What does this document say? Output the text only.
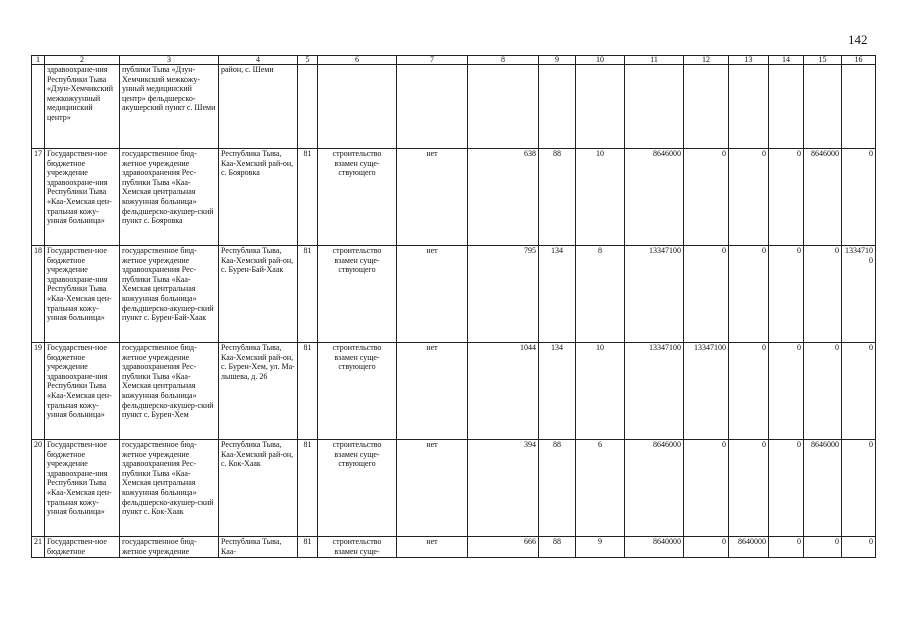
142
1	2	3	4	5	6	7	8	9	10	11	12	13	14	15	16
	здравоохране-ния Республики Тыва «Дзун-Хемчикский межкожуунный медицинский центр»	публики Тыва «Дзун-Хемчикский межкожу-унный медицинский центр» фельдшерско-акушерский пункт с. Шеми	район, с. Шеми												
17	Государствен-ное бюджетное учреждение здравоохране-ния Республики Тыва «Каа-Хемская цен-тральная кожу-унная больница»	государственное бюд-жетное учреждение здравоохранения Рес-публики Тыва «Каа-Хемская центральная кожуунная больница» фельдшерско-акушер-ский пункт с. Бояровка	Республика Тыва, Каа-Хемский рай-он, с. Бояровка	81	строительство взамен суще-ствующего	нет	638	88	10	8646000	0	0	0	8646000	0
18	Государствен-ное бюджетное учреждение здравоохране-ния Республики Тыва «Каа-Хемская цен-тральная кожу-унная больница»	государственное бюд-жетное учреждение здравоохранения Рес-публики Тыва «Каа-Хемская центральная кожуунная больница» фельдшерско-акушер-ский пункт с. Бурен-Бай-Хаак	Республика Тыва, Каа-Хемский рай-он, с. Бурен-Бай-Хаак	81	строительство взамен суще-ствующего	нет	795	134	8	13347100	0	0	0	0	13347100
19	Государствен-ное бюджетное учреждение здравоохране-ния Республики Тыва «Каа-Хемская цен-тральная кожу-унная больница»	государственное бюд-жетное учреждение здравоохранения Рес-публики Тыва «Каа-Хемская центральная кожуунная больница» фельдшерско-акушер-ский пункт с. Бурен-Хем	Республика Тыва, Каа-Хемский рай-он, с. Бурен-Хем, ул. Ма-лышева, д. 26	81	строительство взамен суще-ствующего	нет	1044	134	10	13347100	13347100	0	0	0	0
20	Государствен-ное бюджетное учреждение здравоохране-ния Республики Тыва «Каа-Хемская цен-тральная кожу-унная больница»	государственное бюд-жетное учреждение здравоохранения Рес-публики Тыва «Каа-Хемская центральная кожуунная больница» фельдшерско-акушер-ский пункт с. Кок-Хаак	Республика Тыва, Каа-Хемский рай-он, с. Кок-Хаак	81	строительство взамен суще-ствующего	нет	394	88	6	8646000	0	0	0	8646000	0
21	Государствен-ное бюджетное	государственное бюд-жетное учреждение	Республика Тыва, Каа-	81	строительство взамен суще-	нет	666	88	9	8640000	0	8640000	0	0	0
